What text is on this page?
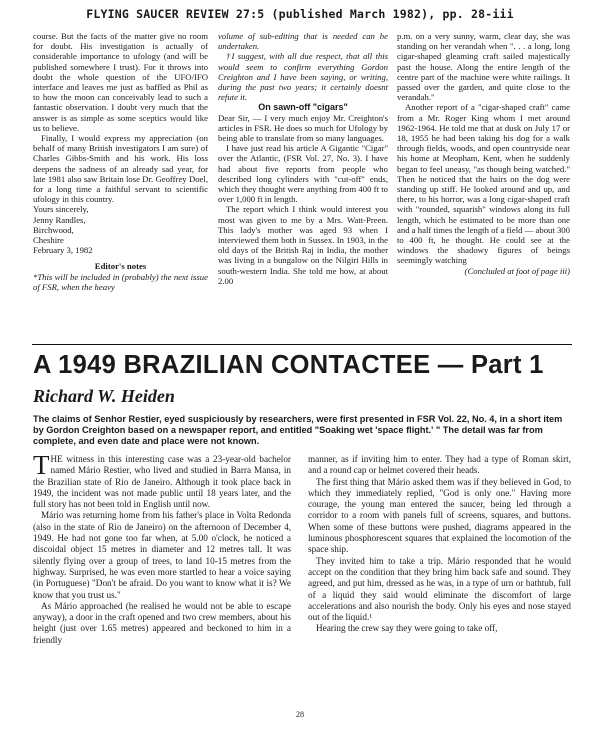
FLYING SAUCER REVIEW 27:5 (published March 1982), pp. 28-iii

course. But the facts of the matter give no room for doubt. His investigation is actually of considerable importance to ufology (and will be published somewhere I trust). For it throws into doubt the whole question of the UFO/IFO interface and leaves me just as baffled as Phil as to how the moon can conceivably lead to such a fantastic observation. I doubt very much that the answer is as simple as some sceptics would like us to believe.

Finally, I would express my appreciation (on behalf of many British investigators I am sure) of Charles Gibbs-Smith and his work. His loss deepens the sadness of an already sad year, for late 1981 also saw Britain lose Dr. Geoffrey Doel, for a long time a faithful servant to scientific ufology in this country.

Yours sincerely,

Jenny Randles,

Birchwood,

Cheshire

February 3, 1982

Editor's notes

*This will be included in (probably) the next issue of FSR, when the heavy

volume of sub-editing that is needed can be undertaken.

†I suggest, with all due respect, that all this would seem to confirm everything Gordon Creighton and I have been saying, or writing, during the past two years; it certainly doesnt refute it.

On sawn-off "cigars"

Dear Sir, — I very much enjoy Mr. Creighton's articles in FSR. He does so much for Ufology by being able to translate from so many languages.

I have just read his article A Gigantic "Cigar" over the Atlantic, (FSR Vol. 27, No. 3). I have had about five reports from people who described long cylinders with "cut-off" ends, which they thought were anything from 400 ft to over 1,000 ft in length.

The report which I think would interest you most was given to me by a Mrs. Watt-Preen. This lady's mother was aged 93 when I interviewed them both in Sussex. In 1903, in the old days of the British Raj in India, the mother was living in a bungalow on the Nilgiri Hills in south-western India. She told me how, at about 2.00

p.m. on a very sunny, warm, clear day, she was standing on her verandah when ". . . a long, long cigar-shaped gleaming craft sailed majestically past the house. Along the entire length of the centre part of the machine were white railings. It passed over the garden, and quite close to the verandah."

Another report of a "cigar-shaped craft" came from a Mr. Roger King whom I met around 1962-1964. He told me that at dusk on July 17 or 18, 1955 he had been taking his dog for a walk through fields, woods, and open countryside near his home at Meopham, Kent, when he suddenly began to feel uneasy, "as though being watched." Then he noticed that the hairs on the dog were standing up stiff. He looked around and up, and there, to his horror, was a long cigar-shaped craft with "rounded, squarish" windows along its full length, which he estimated to be more than one and a half times the length of a field — about 300 to 400 ft, he thought. He could see at the windows the shadowy figures of beings seemingly watching

(Concluded at foot of page iii)

A 1949 BRAZILIAN CONTACTEE — Part 1
Richard W. Heiden
The claims of Senhor Restier, eyed suspiciously by researchers, were first presented in FSR Vol. 22, No. 4, in a short item by Gordon Creighton based on a newspaper report, and entitled "Soaking wet 'space flight.' " The detail was far from complete, and even date and place were not known.

THE witness in this interesting case was a 23-year-old bachelor named Mário Restier, who lived and studied in Barra Mansa, in the Brazilian state of Rio de Janeiro. Although it took place back in 1949, the incident was not made public until 18 years later, and the full story has not been told in English until now.

Mário was returning home from his father's place in Volta Redonda (also in the state of Rio de Janeiro) on the afternoon of December 4, 1949. He had not gone too far when, at 5.00 o'clock, he noticed a discoidal object 15 metres in diameter and 12 metres tall. It was silently flying over a group of trees, to land 10-15 metres from the highway. Surprised, he was even more startled to hear a voice saying (in Portuguese) "Don't be afraid. Do you want to know what it is? We know that you trust us."

As Mário approached (he realised he would not be able to escape anyway), a door in the craft opened and two crew members, about his height (just over 1.65 metres) appeared and beckoned to him in a friendly

manner, as if inviting him to enter. They had a type of Roman skirt, and a round cap or helmet covered their heads.

The first thing that Mário asked them was if they believed in God, to which they immediately replied, "God is only one." Having more courage, the young man entered the saucer, being led through a corridor to a room with panels full of screens, squares, and buttons. When some of these buttons were pushed, diagrams appeared in the luminous phosphorescent squares that explained the locomotion of the space ship.

They invited him to take a trip. Mário responded that he would accept on the condition that they bring him back safe and sound. They agreed, and put him, dressed as he was, in a type of urn or bathtub, full of a liquid they said would eliminate the discomfort of large accelerations and also nourish the body. Only his eyes and nose stayed out of the liquid.¹

Hearing the crew say they were going to take off,

28
